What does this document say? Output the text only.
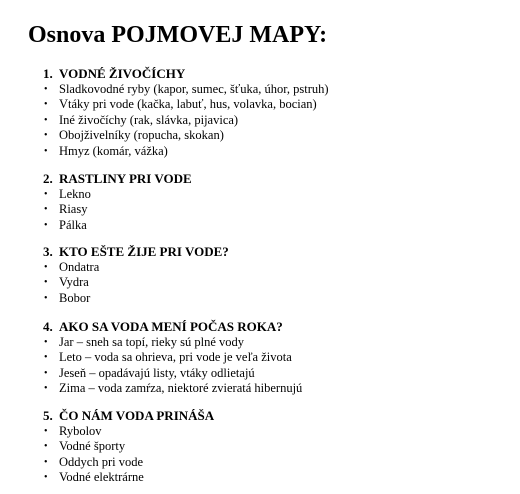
Osnova POJMOVEJ MAPY:
1. VODNÉ ŽIVOČÍCHY
• Sladkovodné ryby (kapor, sumec, šťuka, úhor, pstruh)
• Vtáky pri vode (kačka, labuť, hus, volavka, bocian)
• Iné živočíchy (rak, slávka, pijavica)
• Obojživelníky (ropucha, skokan)
• Hmyz (komár, vážka)
2. RASTLINY PRI VODE
• Lekno
• Riasy
• Pálka
3. KTO EŠTE ŽIJE PRI VODE?
• Ondatra
• Vydra
• Bobor
4. AKO SA VODA MENÍ POČAS ROKA?
• Jar – sneh sa topí, rieky sú plné vody
• Leto – voda sa ohrieva, pri vode je veľa života
• Jeseň – opadávajú listy, vtáky odlietajú
• Zima – voda zamŕza, niektoré zvieratá hibernujú
5. ČO NÁM VODA PRINÁŠA
• Rybolov
• Vodné športy
• Oddych pri vode
• Vodné elektrárne
